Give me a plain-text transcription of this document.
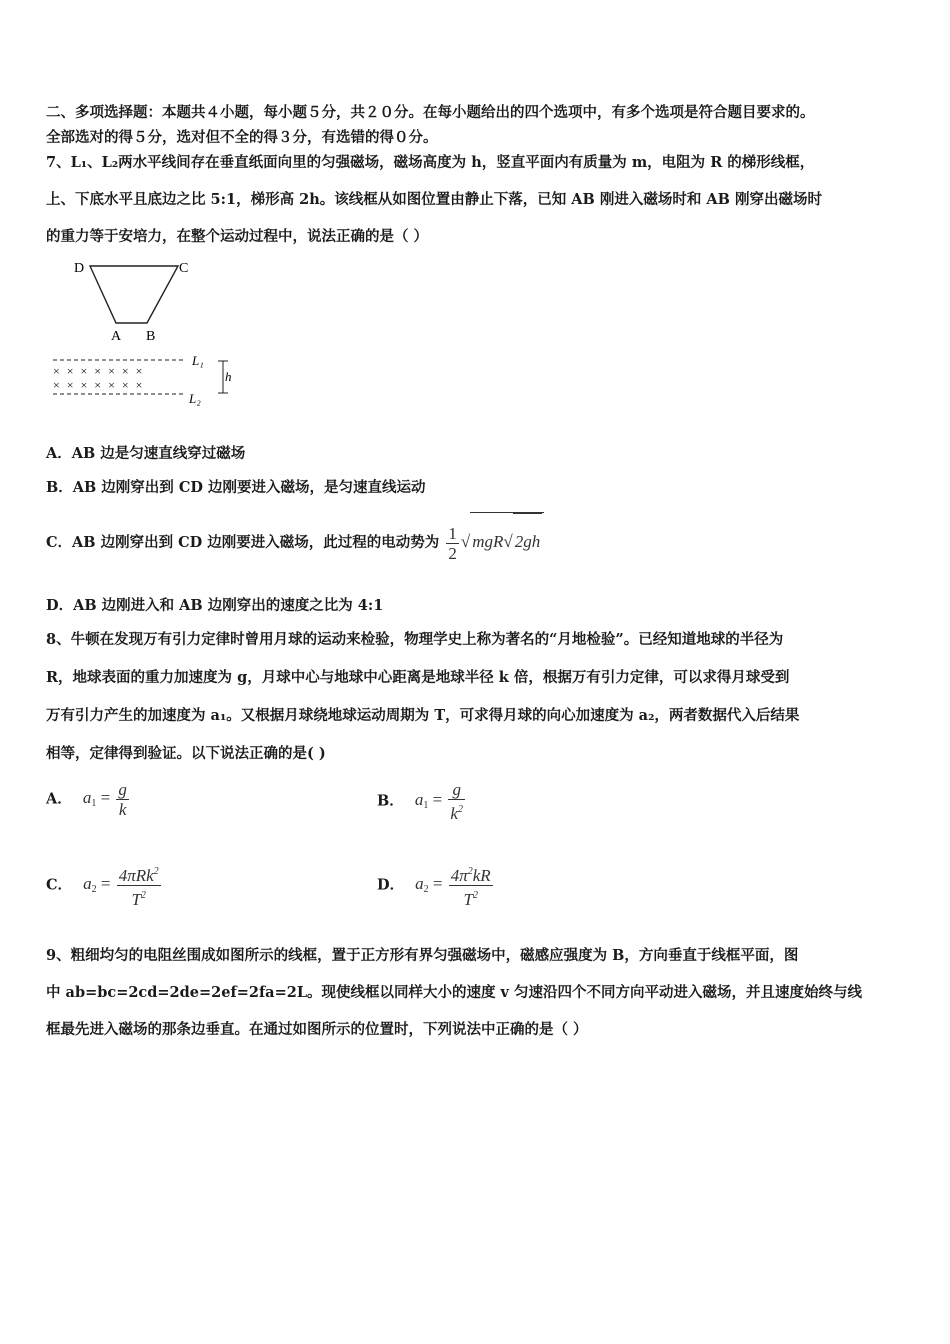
二、多项选择题：本题共４小题，每小题５分，共２０分。在每小题给出的四个选项中，有多个选项是符合题目要求的。
全部选对的得５分，选对但不全的得３分，有选错的得０分。
7、L₁、L₂两水平线间存在垂直纸面向里的匀强磁场，磁场高度为 h，竖直平面内有质量为 m，电阻为 R 的梯形线框，
上、下底水平且底边之比 5:1，梯形高 2h。该线框从如图位置由静止下落，已知 AB 刚进入磁场时和 AB 刚穿出磁场时
的重力等于安培力，在整个运动过程中，说法正确的是（ ）
D	C
A B
× × × × × × ×
× × × × × × ×
L₁
L₂
h
A．AB 边是匀速直线穿过磁场
B．AB 边刚穿出到 CD 边刚要进入磁场，是匀速直线运动
C．AB 边刚穿出到 CD 边刚要进入磁场，此过程的电动势为 $\frac{1}{2}$ √ mgR√ 2gh
D．AB 边刚进入和 AB 边刚穿出的速度之比为 4:1
8、牛顿在发现万有引力定律时曾用月球的运动来检验，物理学史上称为著名的“月地检验”。已经知道地球的半径为
R，地球表面的重力加速度为 g，月球中心与地球中心距离是地球半径 k 倍，根据万有引力定律，可以求得月球受到
万有引力产生的加速度为 a₁。又根据月球绕地球运动周期为 T，可求得月球的向心加速度为 a₂，两者数据代入后结果
相等，定律得到验证。以下说法正确的是( )
A． $a_1 = \frac{g}{k}$	B． $a_1 = \frac{g}{k^2}$
C． $a_2 = \frac{4\pi Rk^2}{T^2}$	D． $a_2 = \frac{4\pi^2kR}{T^2}$
9、粗细均匀的电阻丝围成如图所示的线框，置于正方形有界匀强磁场中，磁感应强度为 B，方向垂直于线框平面，图
中 ab=bc=2cd=2de=2ef=2fa=2L。现使线框以同样大小的速度 v 匀速沿四个不同方向平动进入磁场，并且速度始终与线
框最先进入磁场的那条边垂直。在通过如图所示的位置时，下列说法中正确的是（ ）
